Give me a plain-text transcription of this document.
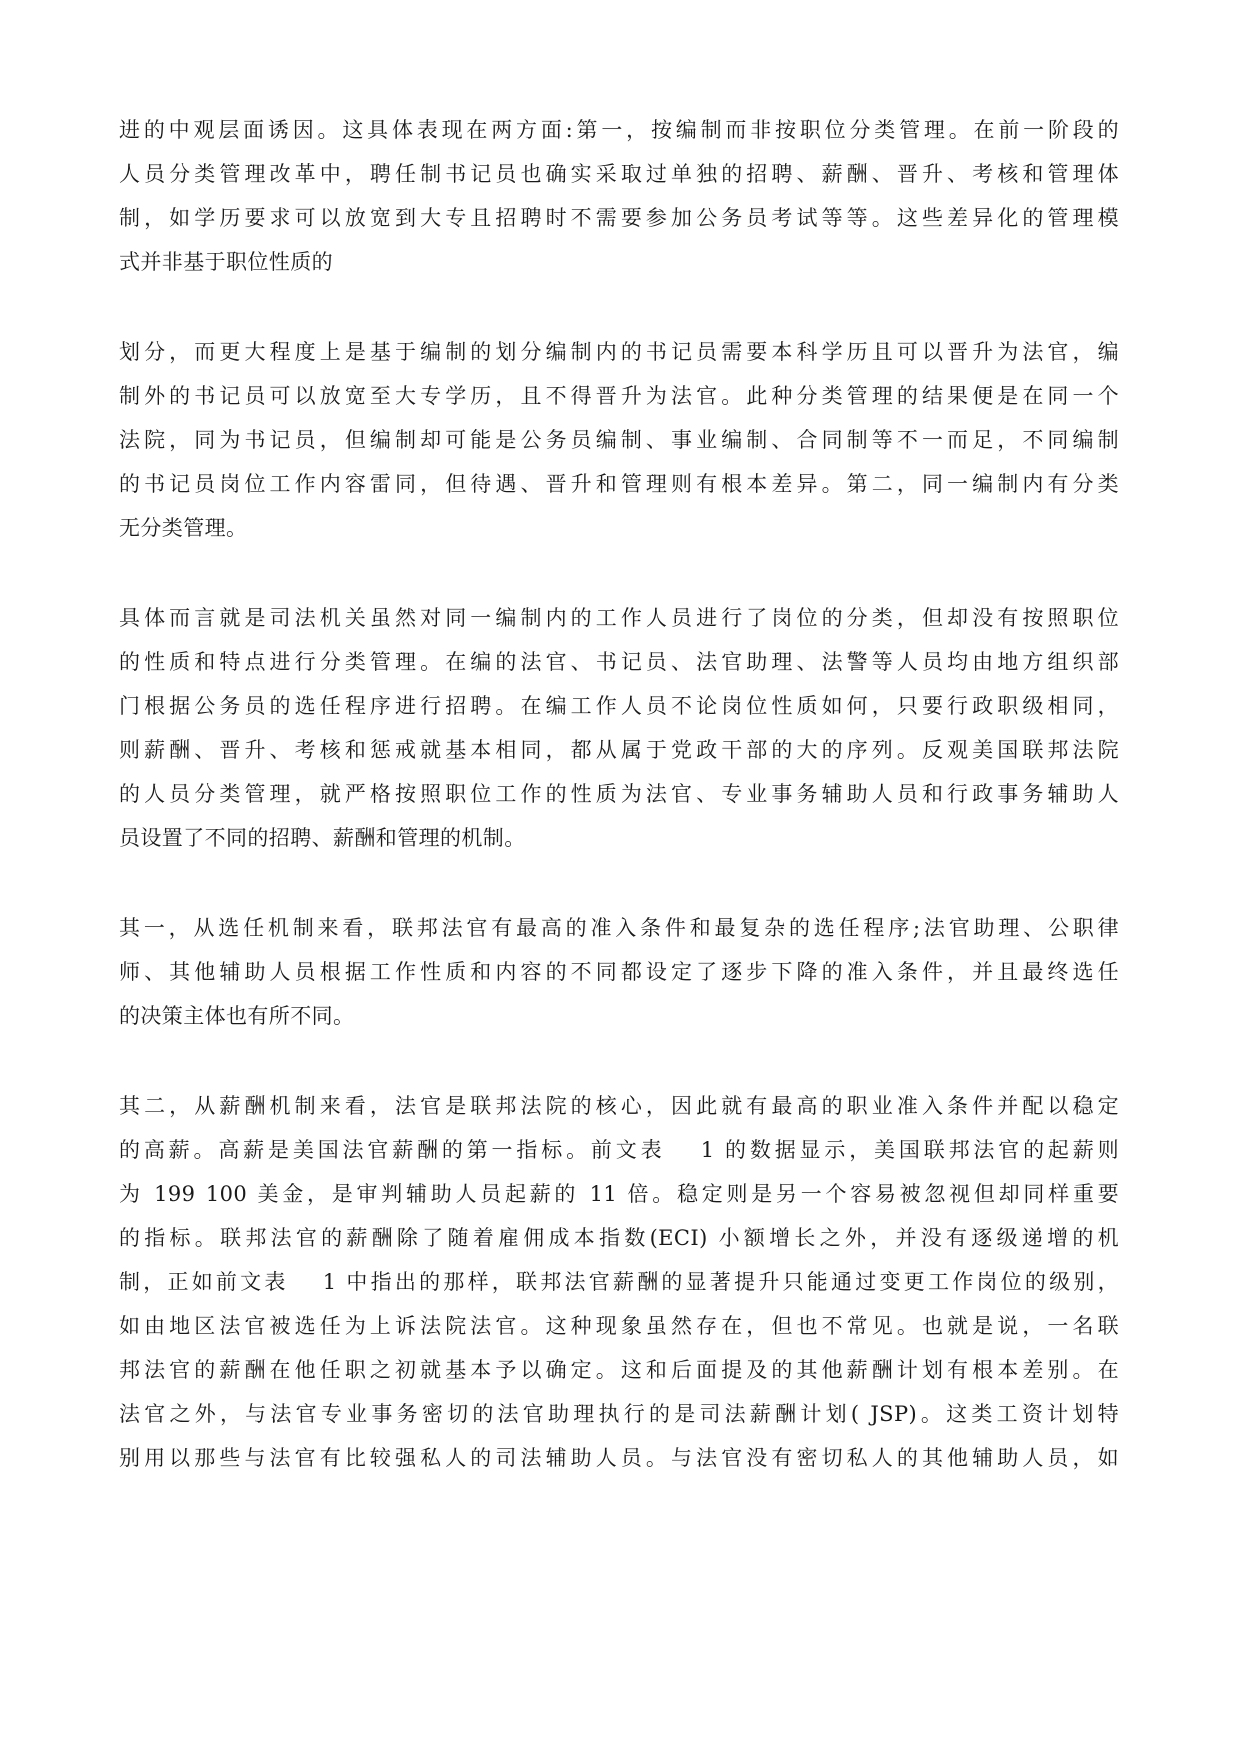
进的中观层面诱因。这具体表现在两方面:第一，按编制而非按职位分类管理。在前一阶段的
人员分类管理改革中，聘任制书记员也确实采取过单独的招聘、薪酬、晋升、考核和管理体
制，如学历要求可以放宽到大专且招聘时不需要参加公务员考试等等。这些差异化的管理模
式并非基于职位性质的
划分，而更大程度上是基于编制的划分编制内的书记员需要本科学历且可以晋升为法官，编
制外的书记员可以放宽至大专学历，且不得晋升为法官。此种分类管理的结果便是在同一个
法院，同为书记员，但编制却可能是公务员编制、事业编制、合同制等不一而足，不同编制
的书记员岗位工作内容雷同，但待遇、晋升和管理则有根本差异。第二，同一编制内有分类
无分类管理。
具体而言就是司法机关虽然对同一编制内的工作人员进行了岗位的分类，但却没有按照职位
的性质和特点进行分类管理。在编的法官、书记员、法官助理、法警等人员均由地方组织部
门根据公务员的选任程序进行招聘。在编工作人员不论岗位性质如何，只要行政职级相同，
则薪酬、晋升、考核和惩戒就基本相同，都从属于党政干部的大的序列。反观美国联邦法院
的人员分类管理，就严格按照职位工作的性质为法官、专业事务辅助人员和行政事务辅助人
员设置了不同的招聘、薪酬和管理的机制。
其一，从选任机制来看，联邦法官有最高的准入条件和最复杂的选任程序;法官助理、公职律
师、其他辅助人员根据工作性质和内容的不同都设定了逐步下降的准入条件，并且最终选任
的决策主体也有所不同。
其二，从薪酬机制来看，法官是联邦法院的核心，因此就有最高的职业准入条件并配以稳定
的高薪。高薪是美国法官薪酬的第一指标。前文表　 1 的数据显示，美国联邦法官的起薪则
为 199 100 美金，是审判辅助人员起薪的 11 倍。稳定则是另一个容易被忽视但却同样重要
的指标。联邦法官的薪酬除了随着雇佣成本指数(ECI) 小额增长之外，并没有逐级递增的机
制，正如前文表　 1 中指出的那样，联邦法官薪酬的显著提升只能通过变更工作岗位的级别，
如由地区法官被选任为上诉法院法官。这种现象虽然存在，但也不常见。也就是说，一名联
邦法官的薪酬在他任职之初就基本予以确定。这和后面提及的其他薪酬计划有根本差别。在
法官之外，与法官专业事务密切的法官助理执行的是司法薪酬计划( JSP)。这类工资计划特
别用以那些与法官有比较强私人的司法辅助人员。与法官没有密切私人的其他辅助人员，如
